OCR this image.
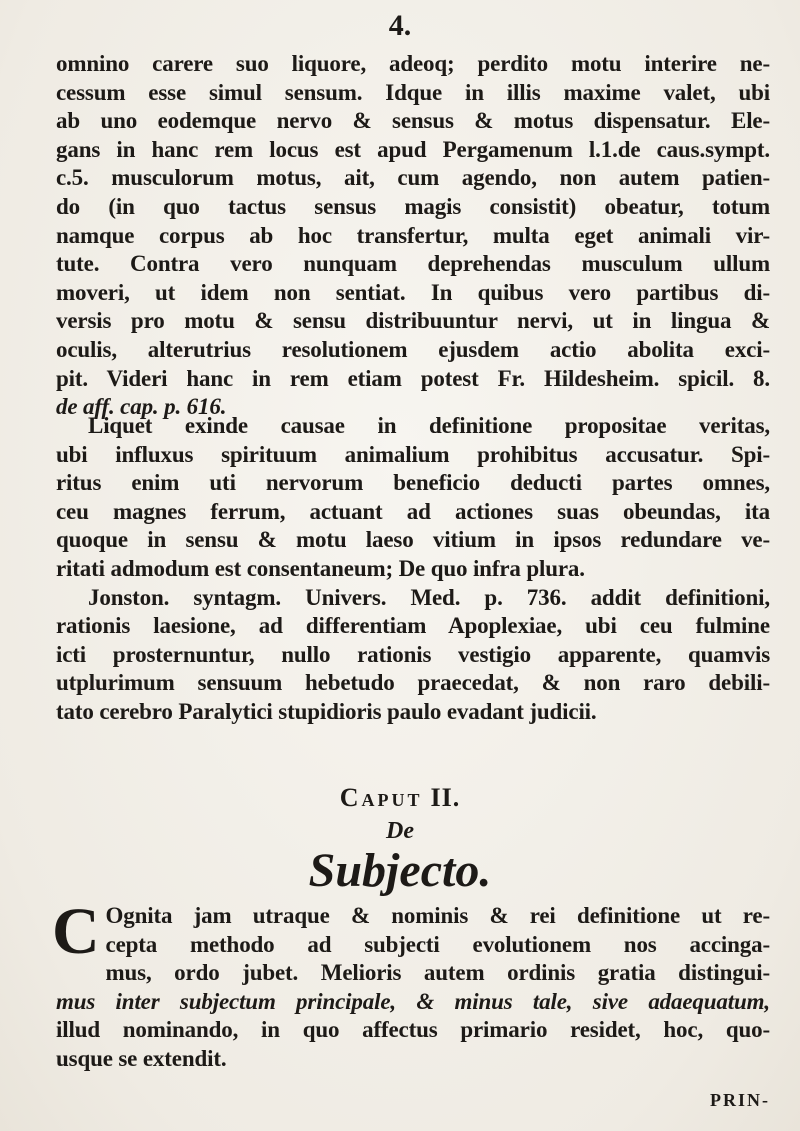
4.
omnino carere suo liquore, adeoq; perdito motu interire ne-
cessum esse simul sensum. Idque in illis maxime valet, ubi
ab uno eodemque nervo & sensus & motus dispensatur. Ele-
gans in hanc rem locus est apud Pergamenum l.1.de caus.sympt.
c.5. musculorum motus, ait, cum agendo, non autem patien-
do (in quo tactus sensus magis consistit) obeatur, totum
namque corpus ab hoc transfertur, multa eget animali vir-
tute. Contra vero nunquam deprehendas musculum ullum
moveri, ut idem non sentiat. In quibus vero partibus di-
versis pro motu & sensu distribuuntur nervi, ut in lingua &
oculis, alterutrius resolutionem ejusdem actio abolita exci-
pit. Videri hanc in rem etiam potest Fr. Hildesheim. spicil. 8.
de aff. cap. p. 616.
Liquet exinde causae in definitione propositae veritas,
ubi influxus spirituum animalium prohibitus accusatur. Spi-
ritus enim uti nervorum beneficio deducti partes omnes,
ceu magnes ferrum, actuant ad actiones suas obeundas, ita
quoque in sensu & motu laeso vitium in ipsos redundare ve-
ritati admodum est consentaneum; De quo infra plura.
Jonston. syntagm. Univers. Med. p. 736. addit definitioni,
rationis laesione, ad differentiam Apoplexiae, ubi ceu fulmine
icti prosternuntur, nullo rationis vestigio apparente, quamvis
utplurimum sensuum hebetudo praecedat, & non raro debili-
tato cerebro Paralytici stupidioris paulo evadant judicii.
Caput II.
De
Subjecto.
C Ognita jam utraque & nominis & rei definitione ut re-
cepta methodo ad subjecti evolutionem nos accinga-
mus, ordo jubet. Melioris autem ordinis gratia distingui-
mus inter subjectum principale, & minus tale, sive adaequatum,
illud nominando, in quo affectus primario residet, hoc, quo-
usque se extendit.
PRIN-
